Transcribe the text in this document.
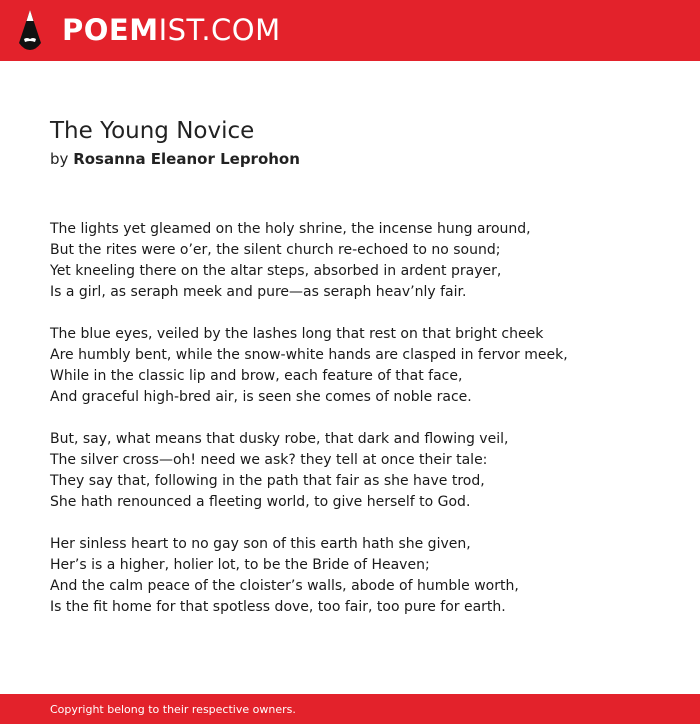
POEMIST.COM
The Young Novice
by Rosanna Eleanor Leprohon
The lights yet gleamed on the holy shrine, the incense hung around,
But the rites were o’er, the silent church re-echoed to no sound;
Yet kneeling there on the altar steps, absorbed in ardent prayer,
Is a girl, as seraph meek and pure—as seraph heav’nly fair.
The blue eyes, veiled by the lashes long that rest on that bright cheek
Are humbly bent, while the snow-white hands are clasped in fervor meek,
While in the classic lip and brow, each feature of that face,
And graceful high-bred air, is seen she comes of noble race.
But, say, what means that dusky robe, that dark and flowing veil,
The silver cross—oh! need we ask? they tell at once their tale:
They say that, following in the path that fair as she have trod,
She hath renounced a fleeting world, to give herself to God.
Her sinless heart to no gay son of this earth hath she given,
Her’s is a higher, holier lot, to be the Bride of Heaven;
And the calm peace of the cloister’s walls, abode of humble worth,
Is the fit home for that spotless dove, too fair, too pure for earth.
Copyright belong to their respective owners.
